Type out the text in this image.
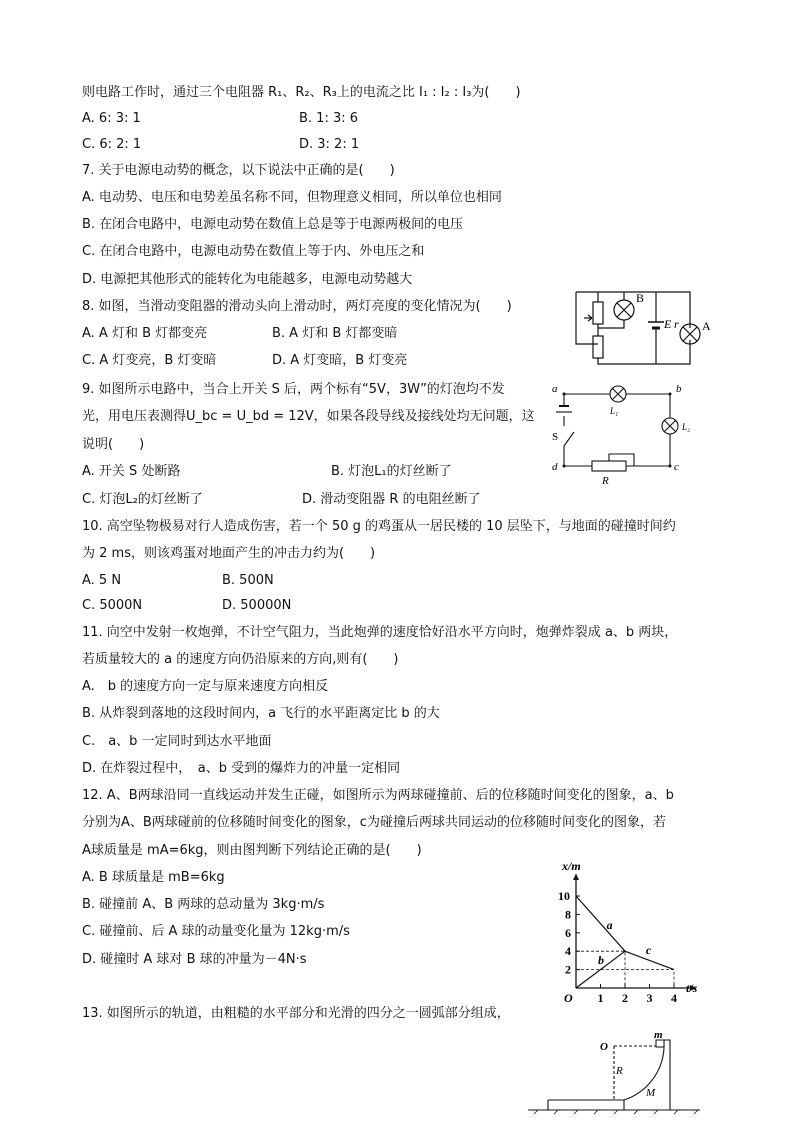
则电路工作时，通过三个电阻器 R₁、R₂、R₃上的电流之比 I₁ : I₂ : I₃为(　　)
A. 6: 3: 1	B. 1: 3: 6
C. 6: 2: 1	D. 3: 2: 1
7. 关于电源电动势的概念，以下说法中正确的是(　　)
A. 电动势、电压和电势差虽名称不同，但物理意义相同，所以单位也相同
B. 在闭合电路中，电源电动势在数值上总是等于电源两极间的电压
C. 在闭合电路中，电源电动势在数值上等于内、外电压之和
D. 电源把其他形式的能转化为电能越多，电源电动势越大
8. 如图，当滑动变阻器的滑动头向上滑动时，两灯亮度的变化情况为(　　)
A. A 灯和 B 灯都变亮	B. A 灯和 B 灯都变暗
C. A 灯变亮，B 灯变暗	D. A 灯变暗，B 灯变亮
B
E r A
9. 如图所示电路中，当合上开关 S 后，两个标有“5V，3W”的灯泡均不发
光，用电压表测得U_bc = U_bd = 12V，如果各段导线及接线处均无问题，这
说明(　　)
A. 开关 S 处断路	B. 灯泡L₁的灯丝断了
C. 灯泡L₂的灯丝断了	D. 滑动变阻器 R 的电阻丝断了
a	b
c
d
L₁
L₂
S
R
10. 高空坠物极易对行人造成伤害，若一个 50 g 的鸡蛋从一居民楼的 10 层坠下，与地面的碰撞时间约
为 2 ms，则该鸡蛋对地面产生的冲击力约为(　　)
A. 5 N	B. 500N
C. 5000N	D. 50000N
11. 向空中发射一枚炮弹，不计空气阻力，当此炮弹的速度恰好沿水平方向时，炮弹炸裂成 a、b 两块，
若质量较大的 a 的速度方向仍沿原来的方向,则有(　　)
A.　b 的速度方向一定与原来速度方向相反
B. 从炸裂到落地的这段时间内，a 飞行的水平距离定比 b 的大
C.　a、b 一定同时到达水平地面
D. 在炸裂过程中，　a、b 受到的爆炸力的冲量一定相同
12. A、B两球沿同一直线运动并发生正碰，如图所示为两球碰撞前、后的位移随时间变化的图象，a、b
分别为A、B两球碰前的位移随时间变化的图象，c为碰撞后两球共同运动的位移随时间变化的图象，若
A球质量是 mA=6kg，则由图判断下列结论正确的是(　　)
A. B 球质量是 mB=6kg
B. 碰撞前 A、B 两球的总动量为 3kg·m/s
C. 碰撞前、后 A 球的动量变化量为 12kg·m/s
D. 碰撞时 A 球对 B 球的冲量为－4N·s
t/s
x/m
O 1 2 3 4
2
4
6
8
10
a
b
c
13. 如图所示的轨道，由粗糙的水平部分和光滑的四分之一圆弧部分组成，
O
m
R
M
